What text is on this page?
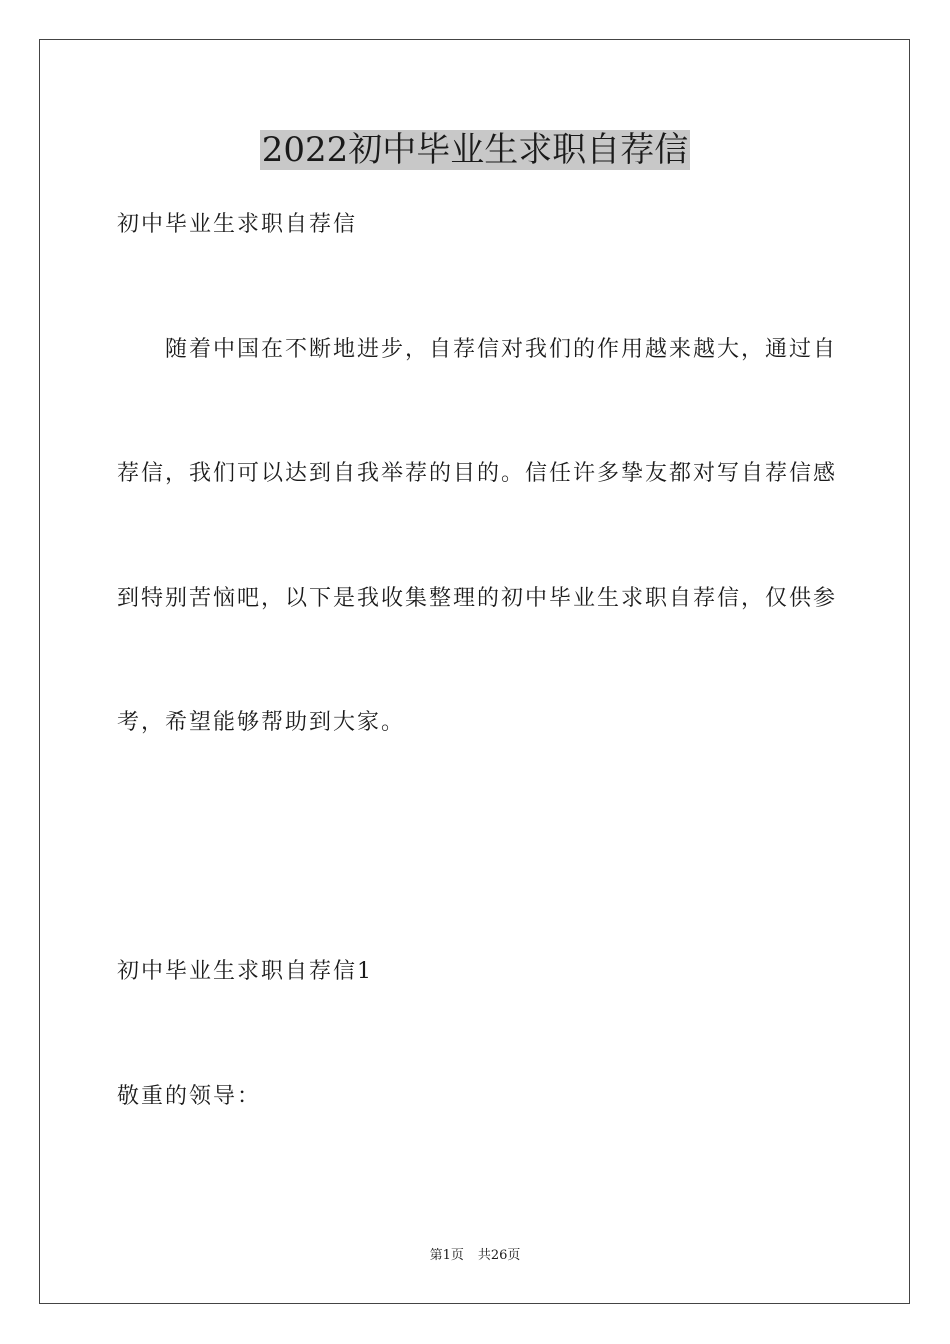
2022初中毕业生求职自荐信
初中毕业生求职自荐信
随着中国在不断地进步，自荐信对我们的作用越来越大，通过自
荐信，我们可以达到自我举荐的目的。信任许多挚友都对写自荐信感
到特别苦恼吧，以下是我收集整理的初中毕业生求职自荐信，仅供参
考，希望能够帮助到大家。
初中毕业生求职自荐信1
敬重的领导：
第1页 共26页
